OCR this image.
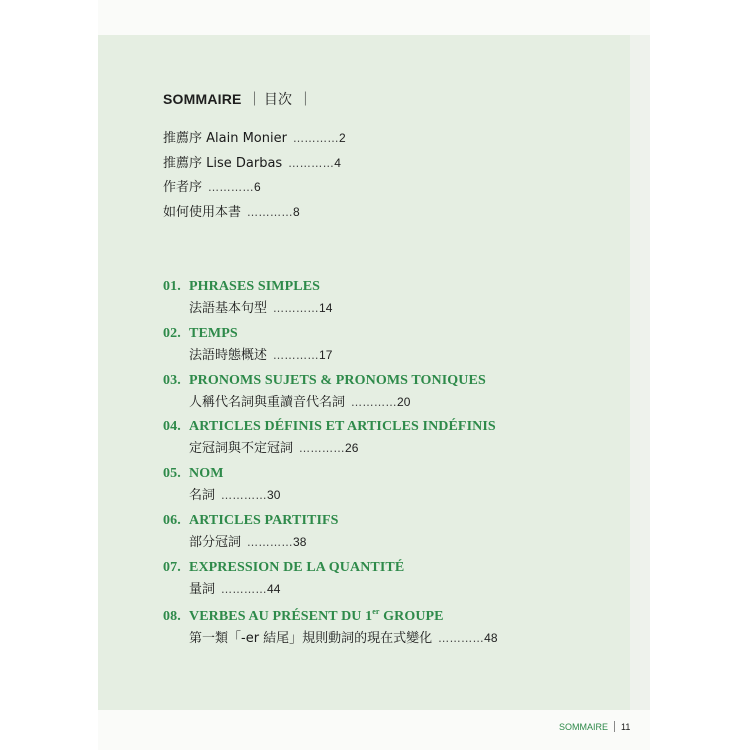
SOMMAIRE ｜ 目次 ｜
推薦序 Alain Monier …………2
推薦序 Lise Darbas …………4
作者序 …………6
如何使用本書 …………8
01. PHRASES SIMPLES
法語基本句型 …………14
02. TEMPS
法語時態概述 …………17
03. PRONOMS SUJETS & PRONOMS TONIQUES
人稱代名詞與重讀音代名詞 …………20
04. ARTICLES DÉFINIS ET ARTICLES INDÉFINIS
定冠詞與不定冠詞 …………26
05. NOM
名詞 …………30
06. ARTICLES PARTITIFS
部分冠詞 …………38
07. EXPRESSION DE LA QUANTITÉ
量詞 …………44
08. VERBES AU PRÉSENT DU 1er GROUPE
第一類「-er 結尾」規則動詞的現在式變化 …………48
SOMMAIRE 11
